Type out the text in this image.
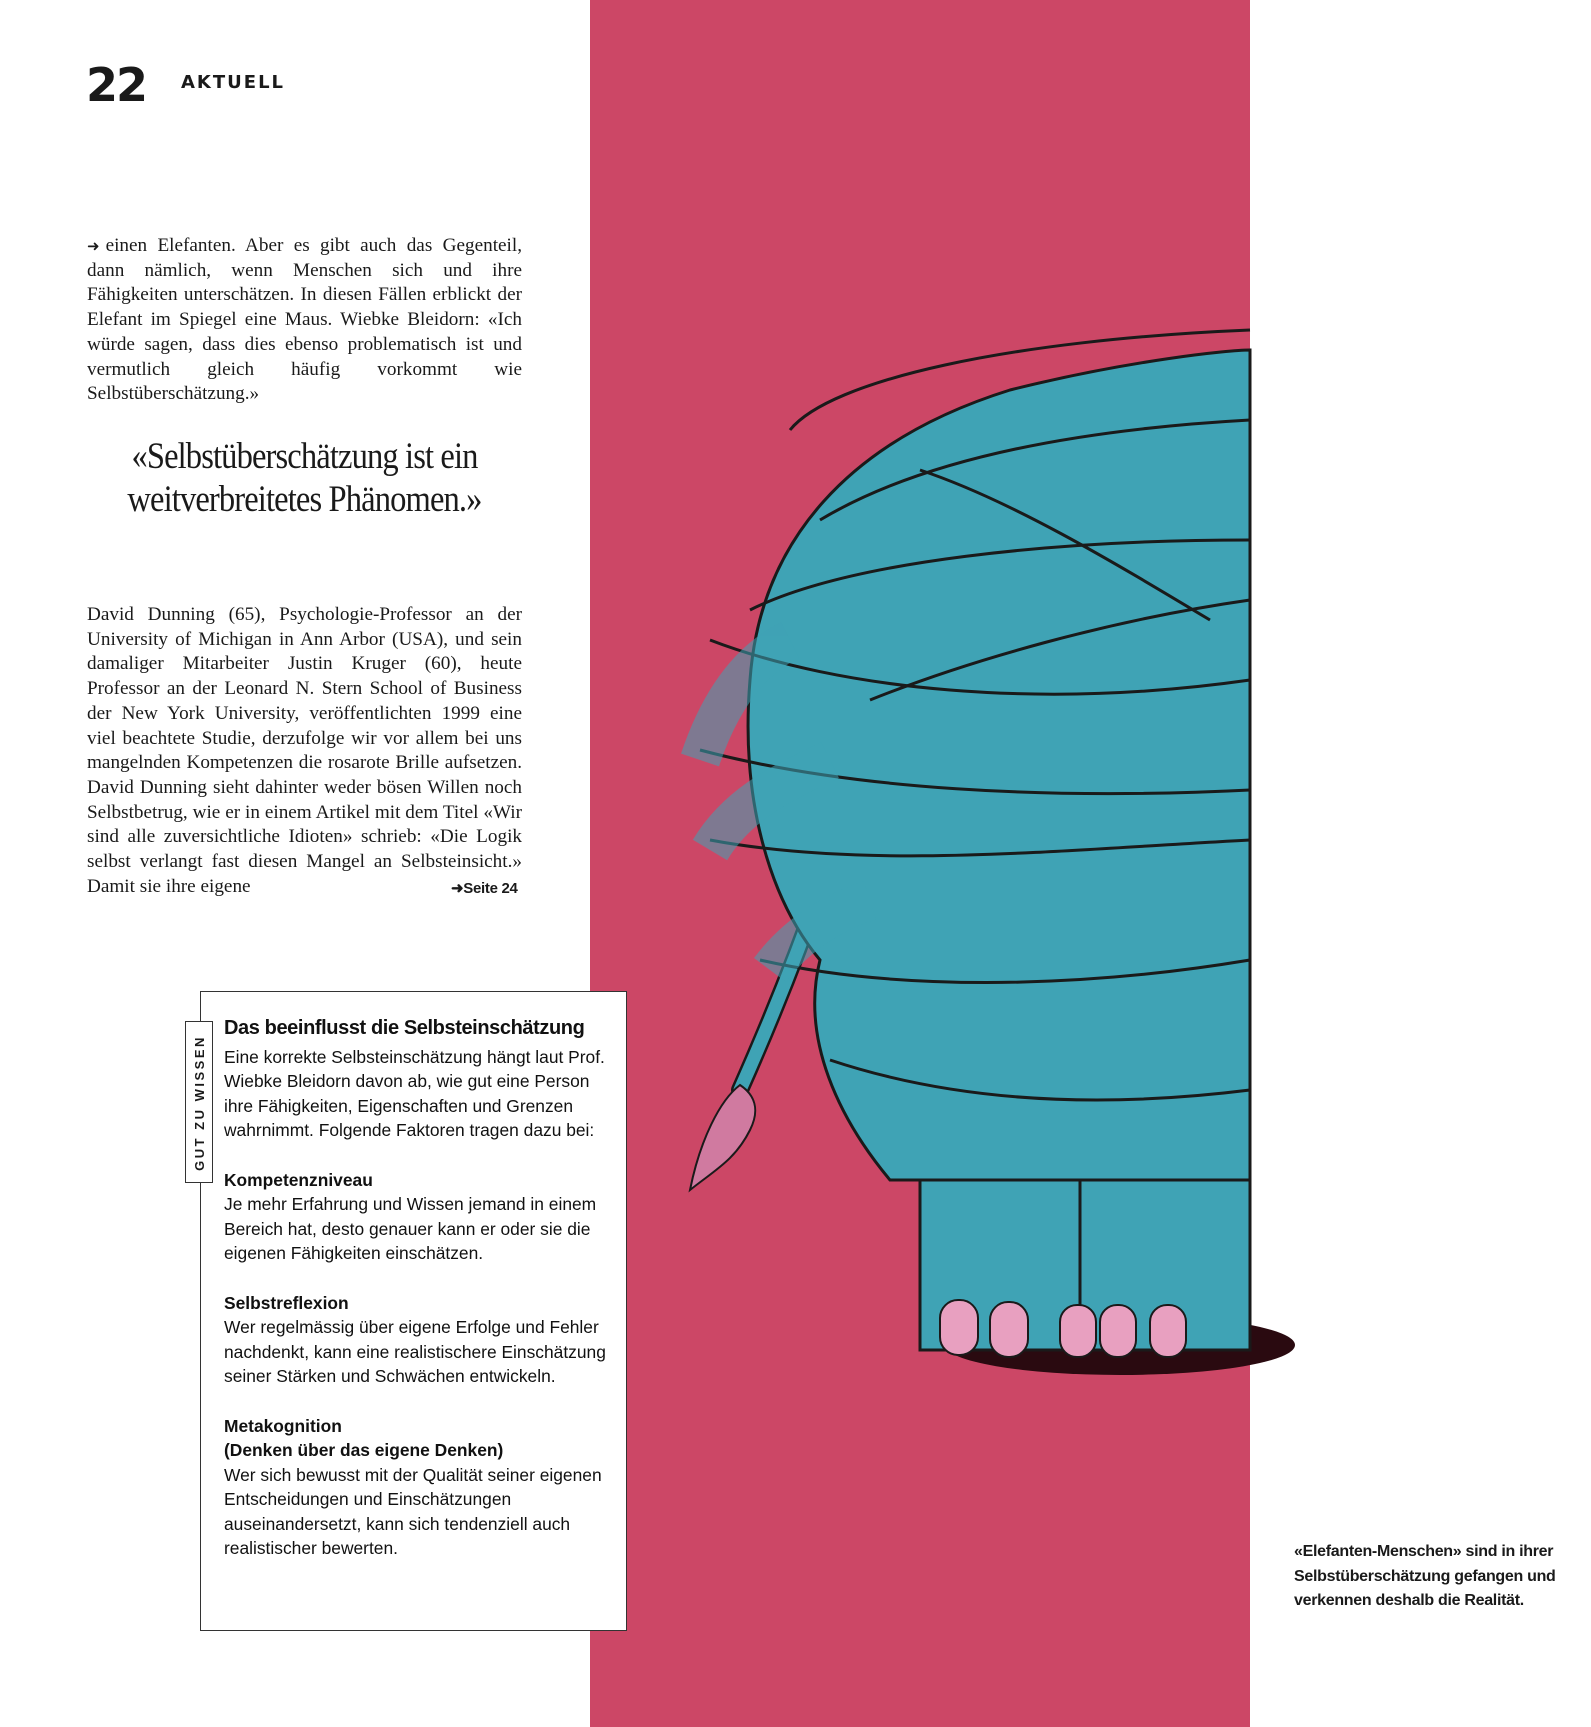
«Elefanten-Menschen» sind in ihrer Selbstüberschätzung gefangen und verkennen deshalb die Realität.
22 AKTUELL

➜ einen Elefanten. Aber es gibt auch das Gegenteil, dann nämlich, wenn Menschen sich und ihre Fähigkeiten unterschätzen. In diesen Fällen erblickt der Elefant im Spiegel eine Maus. Wiebke Bleidorn: «Ich würde sagen, dass dies ebenso problematisch ist und vermutlich gleich häufig vorkommt wie Selbstüberschätzung.»

«Selbstüberschätzung ist ein weitverbreitetes Phänomen.»

David Dunning (65), Psychologie-Professor an der University of Michigan in Ann Arbor (USA), und sein damaliger Mitarbeiter Justin Kruger (60), heute Professor an der Leonard N. Stern School of Business der New York University, veröffentlichten 1999 eine viel beachtete Studie, derzufolge wir vor allem bei uns mangelnden Kompetenzen die rosarote Brille aufsetzen. David Dunning sieht dahinter weder bösen Willen noch Selbstbetrug, wie er in einem Artikel mit dem Titel «Wir sind alle zuversichtliche Idioten» schrieb: «Die Logik selbst verlangt fast diesen Mangel an Selbsteinsicht.» Damit sie ihre eigene	➜Seite 24
GUT ZU WISSEN

Das beeinflusst die Selbsteinschätzung

Eine korrekte Selbsteinschätzung hängt laut Prof. Wiebke Bleidorn davon ab, wie gut eine Person ihre Fähigkeiten, Eigenschaften und Grenzen wahrnimmt. Folgende Faktoren tragen dazu bei:

Kompetenzniveau

Je mehr Erfahrung und Wissen jemand in einem Bereich hat, desto genauer kann er oder sie die eigenen Fähigkeiten einschätzen.

Selbstreflexion

Wer regelmässig über eigene Erfolge und Fehler nachdenkt, kann eine realistischere Einschätzung seiner Stärken und Schwächen entwickeln.

Metakognition

(Denken über das eigene Denken)

Wer sich bewusst mit der Qualität seiner eigenen Entscheidungen und Einschätzungen auseinandersetzt, kann sich tendenziell auch realistischer bewerten.
